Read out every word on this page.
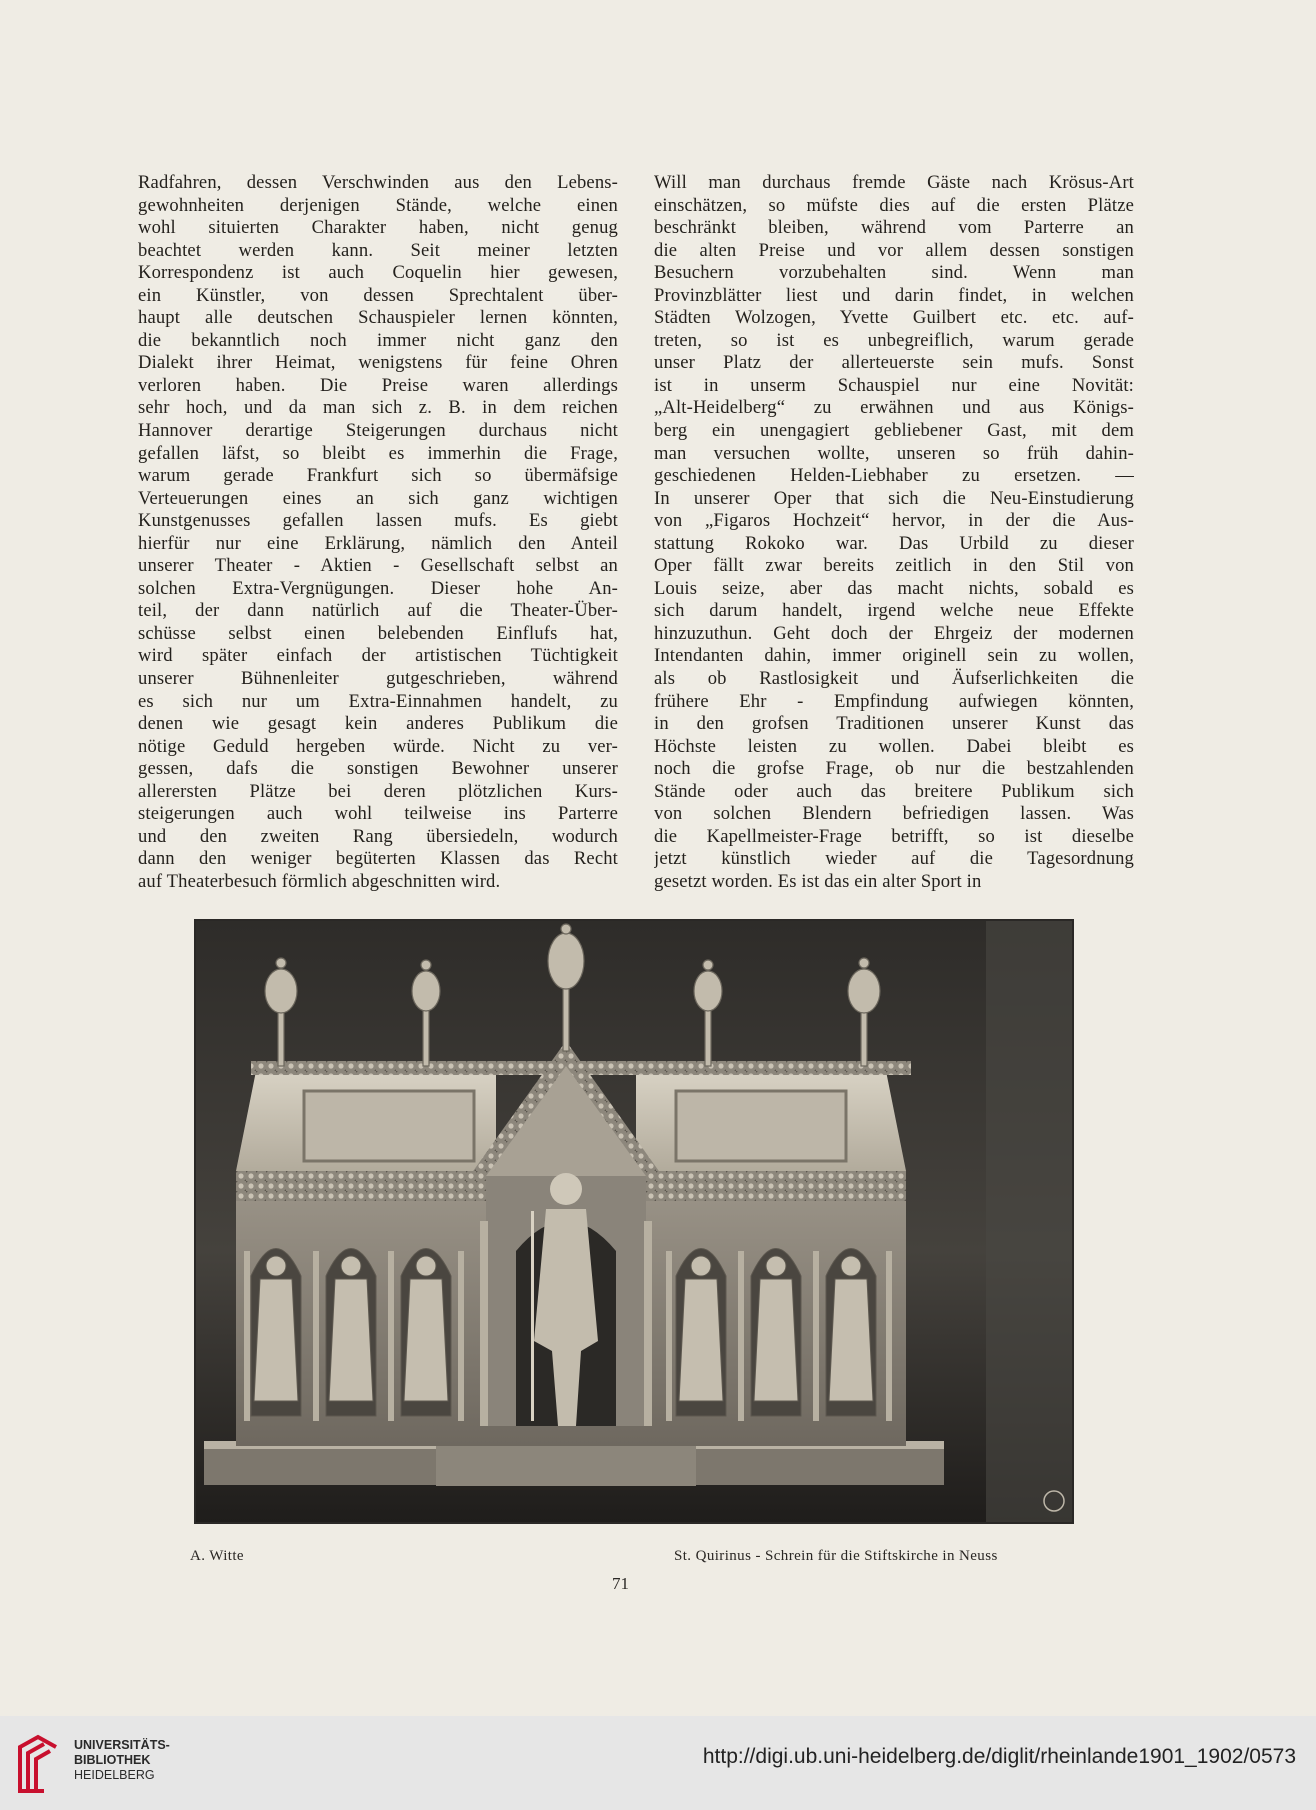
Radfahren, dessen Verschwinden aus den Lebens-
gewohnheiten derjenigen Stände, welche einen
wohl situierten Charakter haben, nicht genug
beachtet werden kann. Seit meiner letzten
Korrespondenz ist auch Coquelin hier gewesen,
ein Künstler, von dessen Sprechtalent über-
haupt alle deutschen Schauspieler lernen könnten,
die bekanntlich noch immer nicht ganz den
Dialekt ihrer Heimat, wenigstens für feine Ohren
verloren haben. Die Preise waren allerdings
sehr hoch, und da man sich z. B. in dem reichen
Hannover derartige Steigerungen durchaus nicht
gefallen läfst, so bleibt es immerhin die Frage,
warum gerade Frankfurt sich so übermäfsige
Verteuerungen eines an sich ganz wichtigen
Kunstgenusses gefallen lassen mufs. Es giebt
hierfür nur eine Erklärung, nämlich den Anteil
unserer Theater - Aktien - Gesellschaft selbst an
solchen Extra-Vergnügungen. Dieser hohe An-
teil, der dann natürlich auf die Theater-Über-
schüsse selbst einen belebenden Einflufs hat,
wird später einfach der artistischen Tüchtigkeit
unserer Bühnenleiter gutgeschrieben, während
es sich nur um Extra-Einnahmen handelt, zu
denen wie gesagt kein anderes Publikum die
nötige Geduld hergeben würde. Nicht zu ver-
gessen, dafs die sonstigen Bewohner unserer
allerersten Plätze bei deren plötzlichen Kurs-
steigerungen auch wohl teilweise ins Parterre
und den zweiten Rang übersiedeln, wodurch
dann den weniger begüterten Klassen das Recht
auf Theaterbesuch förmlich abgeschnitten wird.
Will man durchaus fremde Gäste nach Krösus-Art
einschätzen, so müfste dies auf die ersten Plätze
beschränkt bleiben, während vom Parterre an
die alten Preise und vor allem dessen sonstigen
Besuchern vorzubehalten sind. Wenn man
Provinzblätter liest und darin findet, in welchen
Städten Wolzogen, Yvette Guilbert etc. etc. auf-
treten, so ist es unbegreiflich, warum gerade
unser Platz der allerteuerste sein mufs. Sonst
ist in unserm Schauspiel nur eine Novität:
„Alt-Heidelberg“ zu erwähnen und aus Königs-
berg ein unengagiert gebliebener Gast, mit dem
man versuchen wollte, unseren so früh dahin-
geschiedenen Helden-Liebhaber zu ersetzen. —
In unserer Oper that sich die Neu-Einstudierung
von „Figaros Hochzeit“ hervor, in der die Aus-
stattung Rokoko war. Das Urbild zu dieser
Oper fällt zwar bereits zeitlich in den Stil von
Louis seize, aber das macht nichts, sobald es
sich darum handelt, irgend welche neue Effekte
hinzuzuthun. Geht doch der Ehrgeiz der modernen
Intendanten dahin, immer originell sein zu wollen,
als ob Rastlosigkeit und Äufserlichkeiten die
frühere Ehr - Empfindung aufwiegen könnten,
in den grofsen Traditionen unserer Kunst das
Höchste leisten zu wollen. Dabei bleibt es
noch die grofse Frage, ob nur die bestzahlenden
Stände oder auch das breitere Publikum sich
von solchen Blendern befriedigen lassen. Was
die Kapellmeister-Frage betrifft, so ist dieselbe
jetzt künstlich wieder auf die Tagesordnung
gesetzt worden. Es ist das ein alter Sport in
A. Witte	St. Quirinus - Schrein für die Stiftskirche in Neuss
71
UNIVERSITÄTS-
BIBLIOTHEK
HEIDELBERG
http://digi.ub.uni-heidelberg.de/diglit/rheinlande1901_1902/0573
